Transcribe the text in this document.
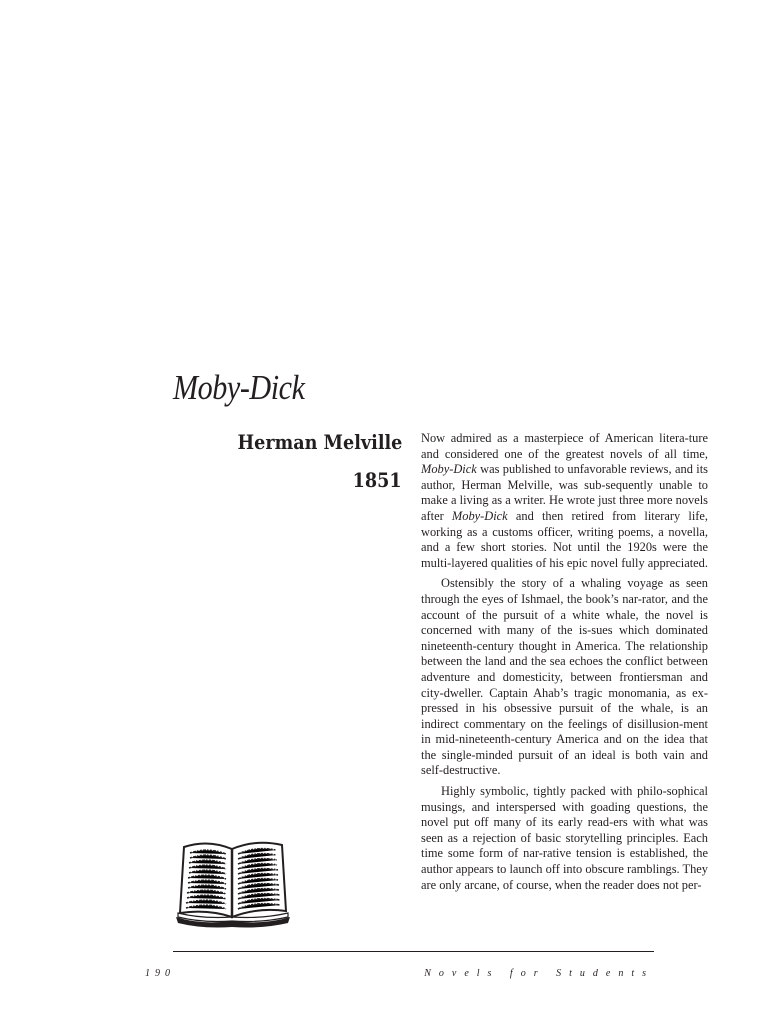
Moby-Dick
Herman Melville
1851

Now admired as a masterpiece of American litera-ture and considered one of the greatest novels of all time, Moby-Dick was published to unfavorable reviews, and its author, Herman Melville, was sub-sequently unable to make a living as a writer. He wrote just three more novels after Moby-Dick and then retired from literary life, working as a customs officer, writing poems, a novella, and a few short stories. Not until the 1920s were the multi-layered qualities of his epic novel fully appreciated.

Ostensibly the story of a whaling voyage as seen through the eyes of Ishmael, the book’s nar-rator, and the account of the pursuit of a white whale, the novel is concerned with many of the is-sues which dominated nineteenth-century thought in America. The relationship between the land and the sea echoes the conflict between adventure and domesticity, between frontiersman and city-dweller. Captain Ahab’s tragic monomania, as ex-pressed in his obsessive pursuit of the whale, is an indirect commentary on the feelings of disillusion-ment in mid-nineteenth-century America and on the idea that the single-minded pursuit of an ideal is both vain and self-destructive.

Highly symbolic, tightly packed with philo-sophical musings, and interspersed with goading questions, the novel put off many of its early read-ers with what was seen as a rejection of basic storytelling principles. Each time some form of nar-rative tension is established, the author appears to launch off into obscure ramblings. They are only arcane, of course, when the reader does not per-

190	Novels for Students
